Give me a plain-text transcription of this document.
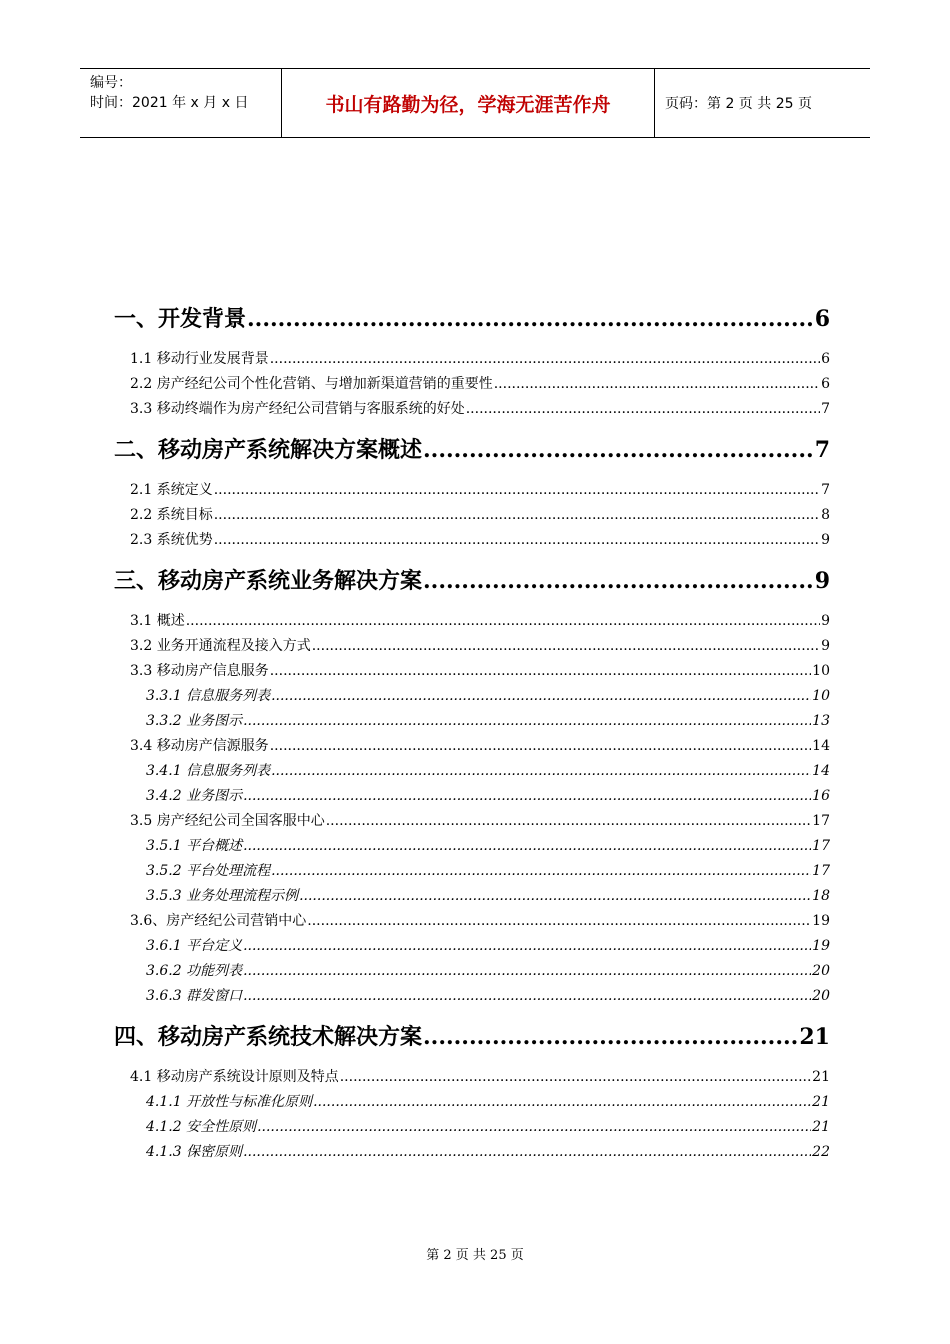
编号：
时间：2021 年 x 月 x 日	书山有路勤为径，学海无涯苦作舟	页码：第 2 页 共 25 页
一、开发背景 .....	6
1.1 移动行业发展背景 .....	6
2.2 房产经纪公司个性化营销、与增加新渠道营销的重要性 .....	6
3.3 移动终端作为房产经纪公司营销与客服系统的好处 .....	7
二、移动房产系统解决方案概述 .....	7
2.1 系统定义 .....	7
2.2 系统目标 .....	8
2.3 系统优势 .....	9
三、移动房产系统业务解决方案 .....	9
3.1 概述 .....	9
3.2 业务开通流程及接入方式 .....	9
3.3 移动房产信息服务 .....	10
3.3.1 信息服务列表 .....	10
3.3.2 业务图示 .....	13
3.4 移动房产信源服务 .....	14
3.4.1 信息服务列表 .....	14
3.4.2 业务图示 .....	16
3.5 房产经纪公司全国客服中心 .....	17
3.5.1 平台概述 .....	17
3.5.2 平台处理流程 .....	17
3.5.3 业务处理流程示例 .....	18
3.6、房产经纪公司营销中心 .....	19
3.6.1 平台定义 .....	19
3.6.2 功能列表 .....	20
3.6.3 群发窗口 .....	20
四、移动房产系统技术解决方案 .....	21
4.1 移动房产系统设计原则及特点 .....	21
4.1.1 开放性与标准化原则 .....	21
4.1.2 安全性原则 .....	21
4.1.3 保密原则 .....	22
第 2 页 共 25 页
